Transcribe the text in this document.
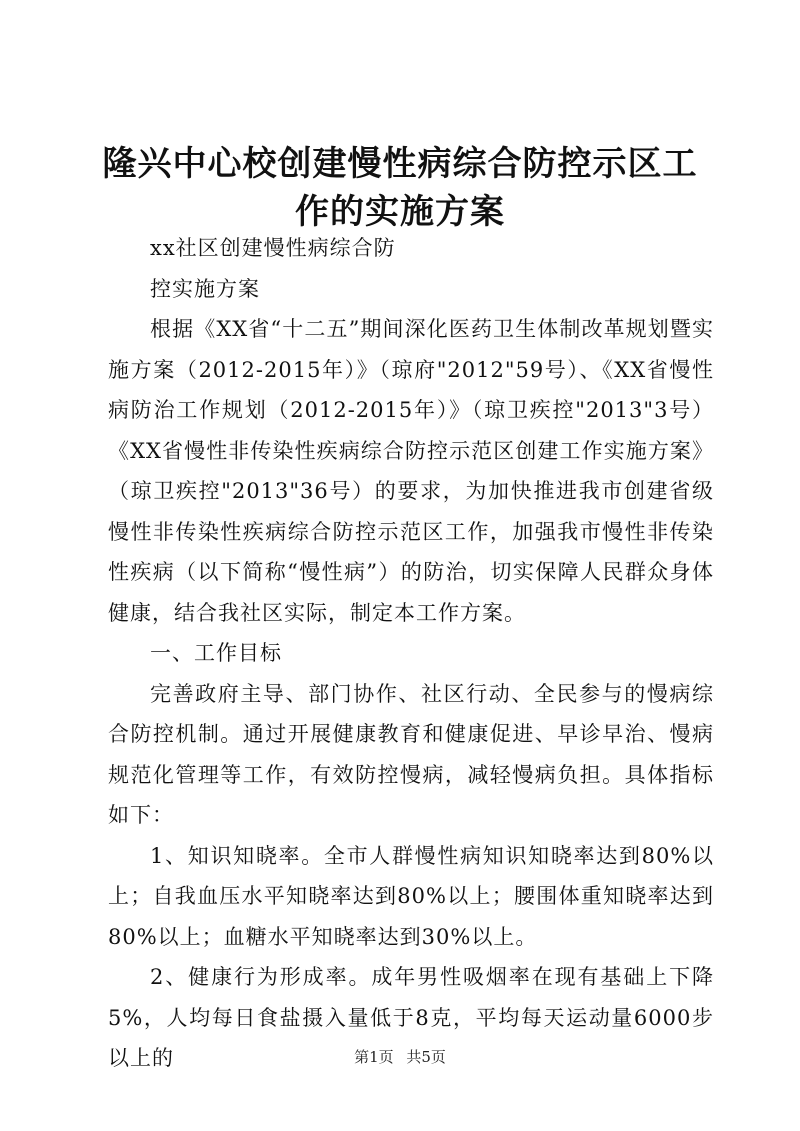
隆兴中心校创建慢性病综合防控示区工作的实施方案

xx社区创建慢性病综合防

控实施方案

根据《XX省“十二五”期间深化医药卫生体制改革规划暨实施方案（2012-2015年）》（琼府"2012"59号）、《XX省慢性病防治工作规划（2012-2015年）》（琼卫疾控"2013"3号）《XX省慢性非传染性疾病综合防控示范区创建工作实施方案》（琼卫疾控"2013"36号）的要求，为加快推进我市创建省级慢性非传染性疾病综合防控示范区工作，加强我市慢性非传染性疾病（以下简称“慢性病”）的防治，切实保障人民群众身体健康，结合我社区实际，制定本工作方案。

一、工作目标

完善政府主导、部门协作、社区行动、全民参与的慢病综合防控机制。通过开展健康教育和健康促进、早诊早治、慢病规范化管理等工作，有效防控慢病，减轻慢病负担。具体指标如下：

1、知识知晓率。全市人群慢性病知识知晓率达到80%以上；自我血压水平知晓率达到80%以上；腰围体重知晓率达到80%以上；血糖水平知晓率达到30%以上。

2、健康行为形成率。成年男性吸烟率在现有基础上下降5%，人均每日食盐摄入量低于8克，平均每天运动量6000步以上的	第1页 共5页
